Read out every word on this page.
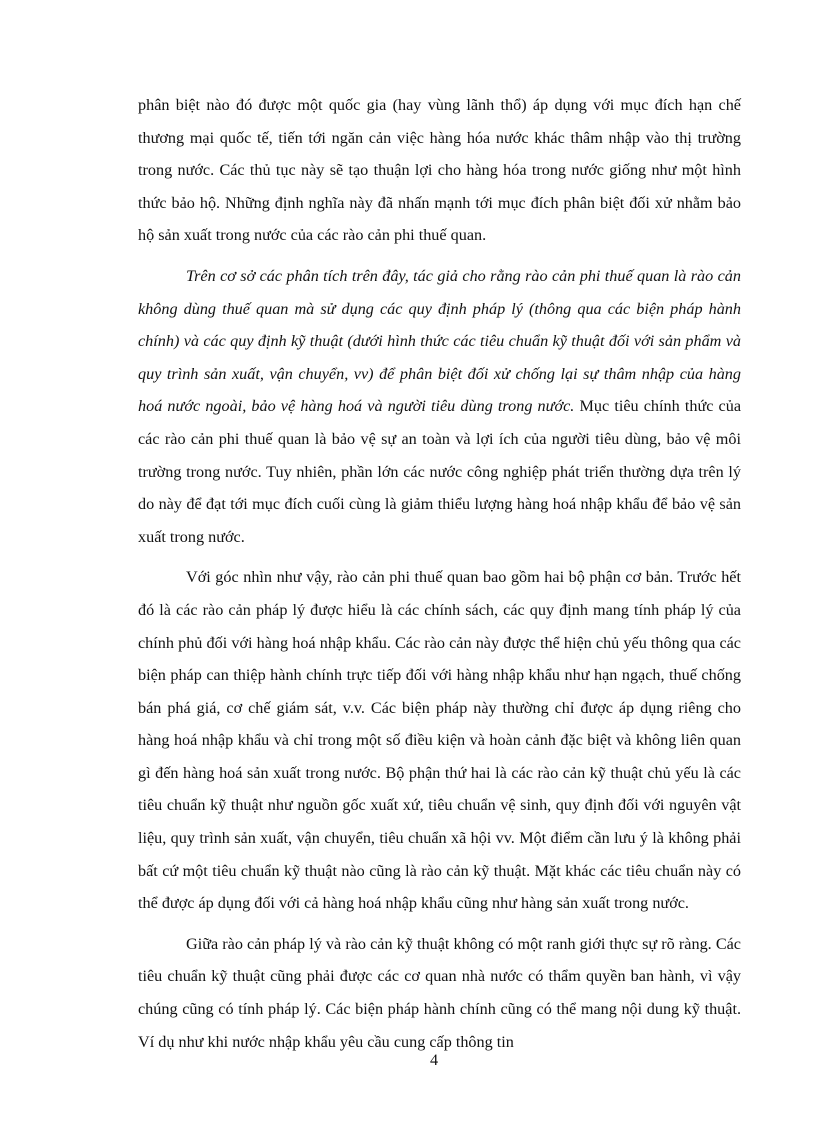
phân biệt nào đó được một quốc gia (hay vùng lãnh thổ) áp dụng với mục đích hạn chế thương mại quốc tế, tiến tới ngăn cản việc hàng hóa nước khác thâm nhập vào thị trường trong nước. Các thủ tục này sẽ tạo thuận lợi cho hàng hóa trong nước giống như một hình thức bảo hộ. Những định nghĩa này đã nhấn mạnh tới mục đích phân biệt đối xử nhằm bảo hộ sản xuất trong nước của các rào cản phi thuế quan.

Trên cơ sở các phân tích trên đây, tác giả cho rằng rào cản phi thuế quan là rào cản không dùng thuế quan mà sử dụng các quy định pháp lý (thông qua các biện pháp hành chính) và các quy định kỹ thuật (dưới hình thức các tiêu chuẩn kỹ thuật đối với sản phẩm và quy trình sản xuất, vận chuyển, vv) để phân biệt đối xử chống lại sự thâm nhập của hàng hoá nước ngoài, bảo vệ hàng hoá và người tiêu dùng trong nước. Mục tiêu chính thức của các rào cản phi thuế quan là bảo vệ sự an toàn và lợi ích của người tiêu dùng, bảo vệ môi trường trong nước. Tuy nhiên, phần lớn các nước công nghiệp phát triển thường dựa trên lý do này để đạt tới mục đích cuối cùng là giảm thiểu lượng hàng hoá nhập khẩu để bảo vệ sản xuất trong nước.

Với góc nhìn như vậy, rào cản phi thuế quan bao gồm hai bộ phận cơ bản. Trước hết đó là các rào cản pháp lý được hiểu là các chính sách, các quy định mang tính pháp lý của chính phủ đối với hàng hoá nhập khẩu. Các rào cản này được thể hiện chủ yếu thông qua các biện pháp can thiệp hành chính trực tiếp đối với hàng nhập khẩu như hạn ngạch, thuế chống bán phá giá, cơ chế giám sát, v.v. Các biện pháp này thường chỉ được áp dụng riêng cho hàng hoá nhập khẩu và chỉ trong một số điều kiện và hoàn cảnh đặc biệt và không liên quan gì đến hàng hoá sản xuất trong nước. Bộ phận thứ hai là các rào cản kỹ thuật chủ yếu là các tiêu chuẩn kỹ thuật như nguồn gốc xuất xứ, tiêu chuẩn vệ sinh, quy định đối với nguyên vật liệu, quy trình sản xuất, vận chuyển, tiêu chuẩn xã hội vv. Một điểm cần lưu ý là không phải bất cứ một tiêu chuẩn kỹ thuật nào cũng là rào cản kỹ thuật. Mặt khác các tiêu chuẩn này có thể được áp dụng đối với cả hàng hoá nhập khẩu cũng như hàng sản xuất trong nước.

Giữa rào cản pháp lý và rào cản kỹ thuật không có một ranh giới thực sự rõ ràng. Các tiêu chuẩn kỹ thuật cũng phải được các cơ quan nhà nước có thẩm quyền ban hành, vì vậy chúng cũng có tính pháp lý. Các biện pháp hành chính cũng có thể mang nội dung kỹ thuật. Ví dụ như khi nước nhập khẩu yêu cầu cung cấp thông tin

4
